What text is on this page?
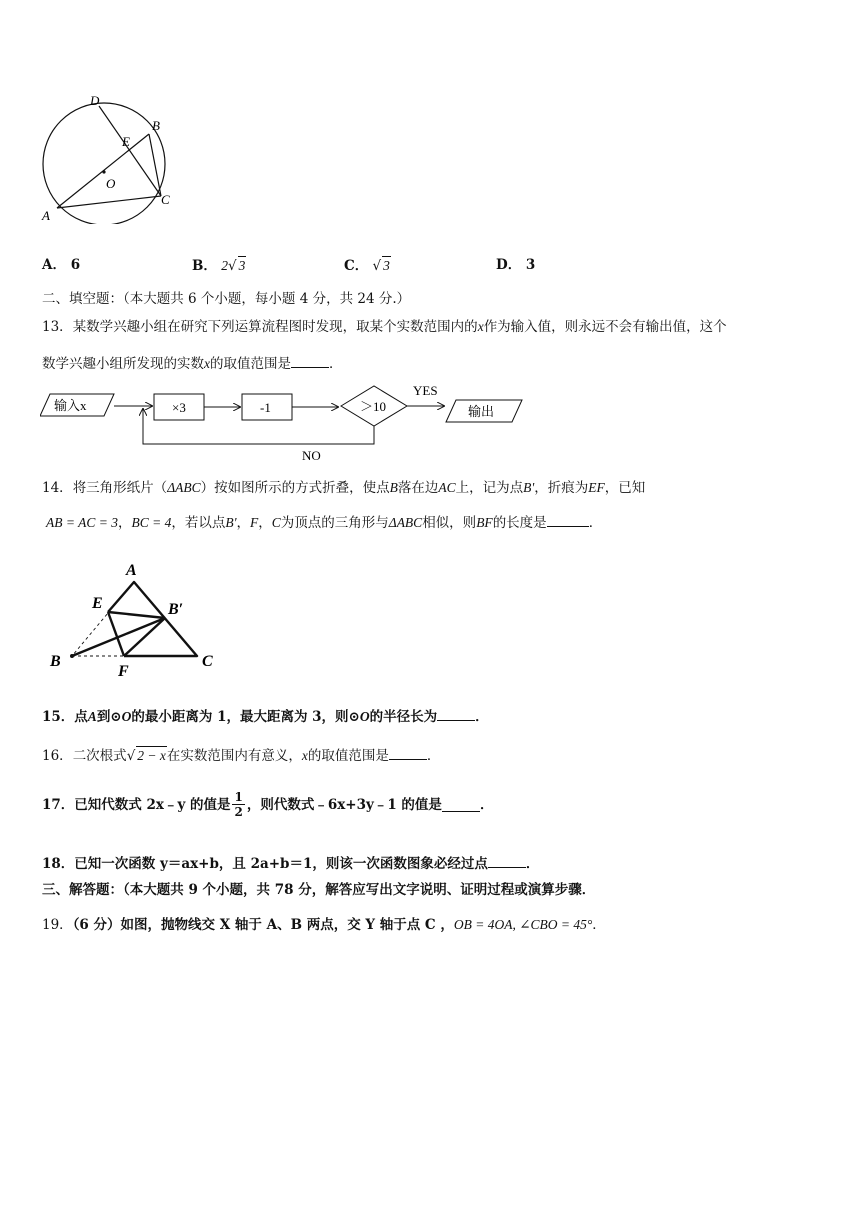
D
B
E
O
A
C
A． 6	B． 2√ 3	C． √ 3	D． 3
二、填空题：（本大题共 6 个小题，每小题 4 分，共 24 分.）
13．某数学兴趣小组在研究下列运算流程图时发现，取某个实数范围内的x作为输入值，则永远不会有输出值，这个
数学兴趣小组所发现的实数x的取值范围是	．
输入x	×3	-1	＞10
YES
输出
NO
14．将三角形纸片（ΔABC）按如图所示的方式折叠，使点B落在边AC上，记为点B'，折痕为EF，已知
AB = AC = 3，BC = 4，若以点B'，F，C为顶点的三角形与ΔABC相似，则BF的长度是	．
A
E	B′
B
F
C
15．点A到⊙O的最小距离为 1，最大距离为 3，则⊙O的半径长为	．
16．二次根式√ 2 − x在实数范围内有意义，x的取值范围是	．
17． 已知代数式 2x﹣y 的值是 $\frac{1}{2}$ ，则代数式﹣6x+3y﹣1 的值是	．
18．已知一次函数 y＝ax+b，且 2a+b＝1，则该一次函数图象必经过点	．
三、解答题：（本大题共 9 个小题，共 78 分，解答应写出文字说明、证明过程或演算步骤．
19．（6 分）如图，抛物线交 X 轴于 A、B 两点，交 Y 轴于点 C ，OB = 4OA, ∠CBO = 45°．
